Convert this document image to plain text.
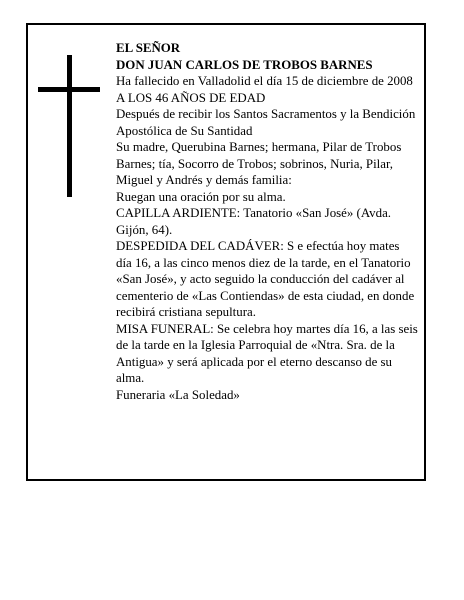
EL SEÑOR

DON JUAN CARLOS DE TROBOS BARNES

Ha fallecido en Valladolid el día 15 de diciembre de 2008

A LOS 46 AÑOS DE EDAD

Después de recibir los Santos Sacramentos y la Bendición Apostólica de Su Santidad

Su madre, Querubina Barnes; hermana, Pilar de Trobos Barnes; tía, Socorro de Trobos; sobrinos, Nuria, Pilar, Miguel y Andrés y demás familia:

Ruegan una oración por su alma.

CAPILLA ARDIENTE: Tanatorio «San José» (Avda. Gijón, 64).

DESPEDIDA DEL CADÁVER: S e efectúa hoy mates día 16, a las cinco menos diez de la tarde, en el Tanatorio «San José», y acto seguido la conducción del cadáver al cementerio de «Las Contiendas» de esta ciudad, en donde recibirá cristiana sepultura.

MISA FUNERAL: Se celebra hoy martes día 16, a las seis de la tarde en la Iglesia Parroquial de «Ntra. Sra. de la Antigua» y será aplicada por el eterno descanso de su alma.

Funeraria «La Soledad»
